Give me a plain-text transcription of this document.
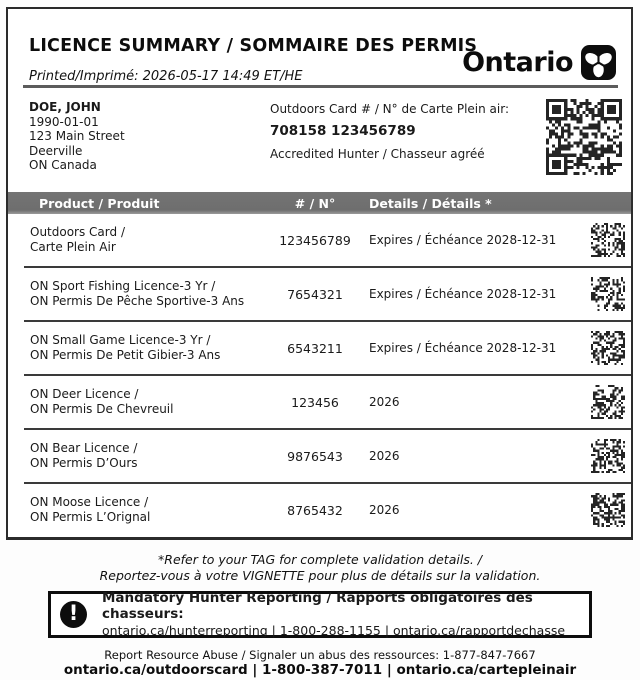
LICENCE SUMMARY / SOMMAIRE DES PERMIS
Printed/Imprimé: 2026-05-17 14:49 ET/HE	Ontario
DOE, JOHN
1990-01-01
123 Main Street
Deerville
ON Canada
Outdoors Card # / N° de Carte Plein air:
708158 123456789
Accredited Hunter / Chasseur agréé
Product / Produit	# / N°	Details / Détails *
Outdoors Card /
Carte Plein Air	123456789	Expires / Échéance 2028-12-31
ON Sport Fishing Licence-3 Yr /
ON Permis De Pêche Sportive-3 Ans	7654321	Expires / Échéance 2028-12-31
ON Small Game Licence-3 Yr /
ON Permis De Petit Gibier-3 Ans	6543211	Expires / Échéance 2028-12-31
ON Deer Licence /
ON Permis De Chevreuil	123456	2026
ON Bear Licence /
ON Permis D’Ours	9876543	2026
ON Moose Licence /
ON Permis L’Orignal	8765432	2026
*Refer to your TAG for complete validation details. /
Reportez-vous à votre VIGNETTE pour plus de détails sur la validation.
!
Mandatory Hunter Reporting / Rapports obligatoires des chasseurs:
ontario.ca/hunterreporting | 1-800-288-1155 | ontario.ca/rapportdechasse
Report Resource Abuse / Signaler un abus des ressources: 1-877-847-7667
ontario.ca/outdoorscard | 1-800-387-7011 | ontario.ca/cartepleinair
